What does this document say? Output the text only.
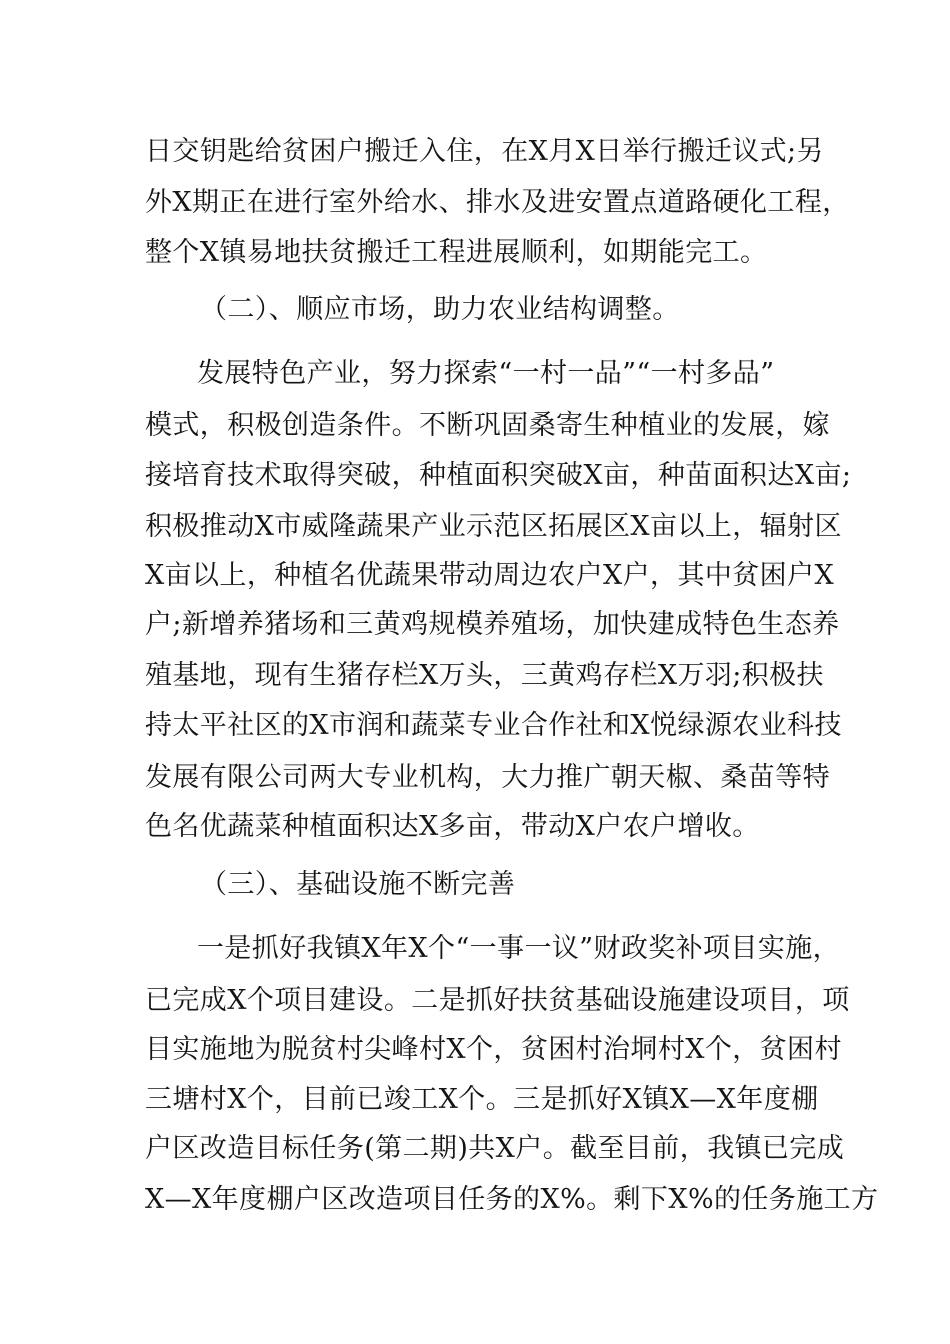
日交钥匙给贫困户搬迁入住，在X月X日举行搬迁议式;另
外X期正在进行室外给水、排水及进安置点道路硬化工程，
整个X镇易地扶贫搬迁工程进展顺利，如期能完工。
（二）、顺应市场，助力农业结构调整。
发展特色产业，努力探索“一村一品”“一村多品”
模式，积极创造条件。不断巩固桑寄生种植业的发展，嫁
接培育技术取得突破，种植面积突破X亩，种苗面积达X亩;
积极推动X市威隆蔬果产业示范区拓展区X亩以上，辐射区
X亩以上，种植名优蔬果带动周边农户X户，其中贫困户X
户;新增养猪场和三黄鸡规模养殖场，加快建成特色生态养
殖基地，现有生猪存栏X万头，三黄鸡存栏X万羽;积极扶
持太平社区的X市润和蔬菜专业合作社和X悦绿源农业科技
发展有限公司两大专业机构，大力推广朝天椒、桑苗等特
色名优蔬菜种植面积达X多亩，带动X户农户增收。
（三）、基础设施不断完善
一是抓好我镇X年X个“一事一议”财政奖补项目实施，
已完成X个项目建设。二是抓好扶贫基础设施建设项目，项
目实施地为脱贫村尖峰村X个，贫困村治垌村X个，贫困村
三塘村X个，目前已竣工X个。三是抓好X镇X—X年度棚
户区改造目标任务(第二期)共X户。截至目前，我镇已完成
X—X年度棚户区改造项目任务的X%。剩下X%的任务施工方
